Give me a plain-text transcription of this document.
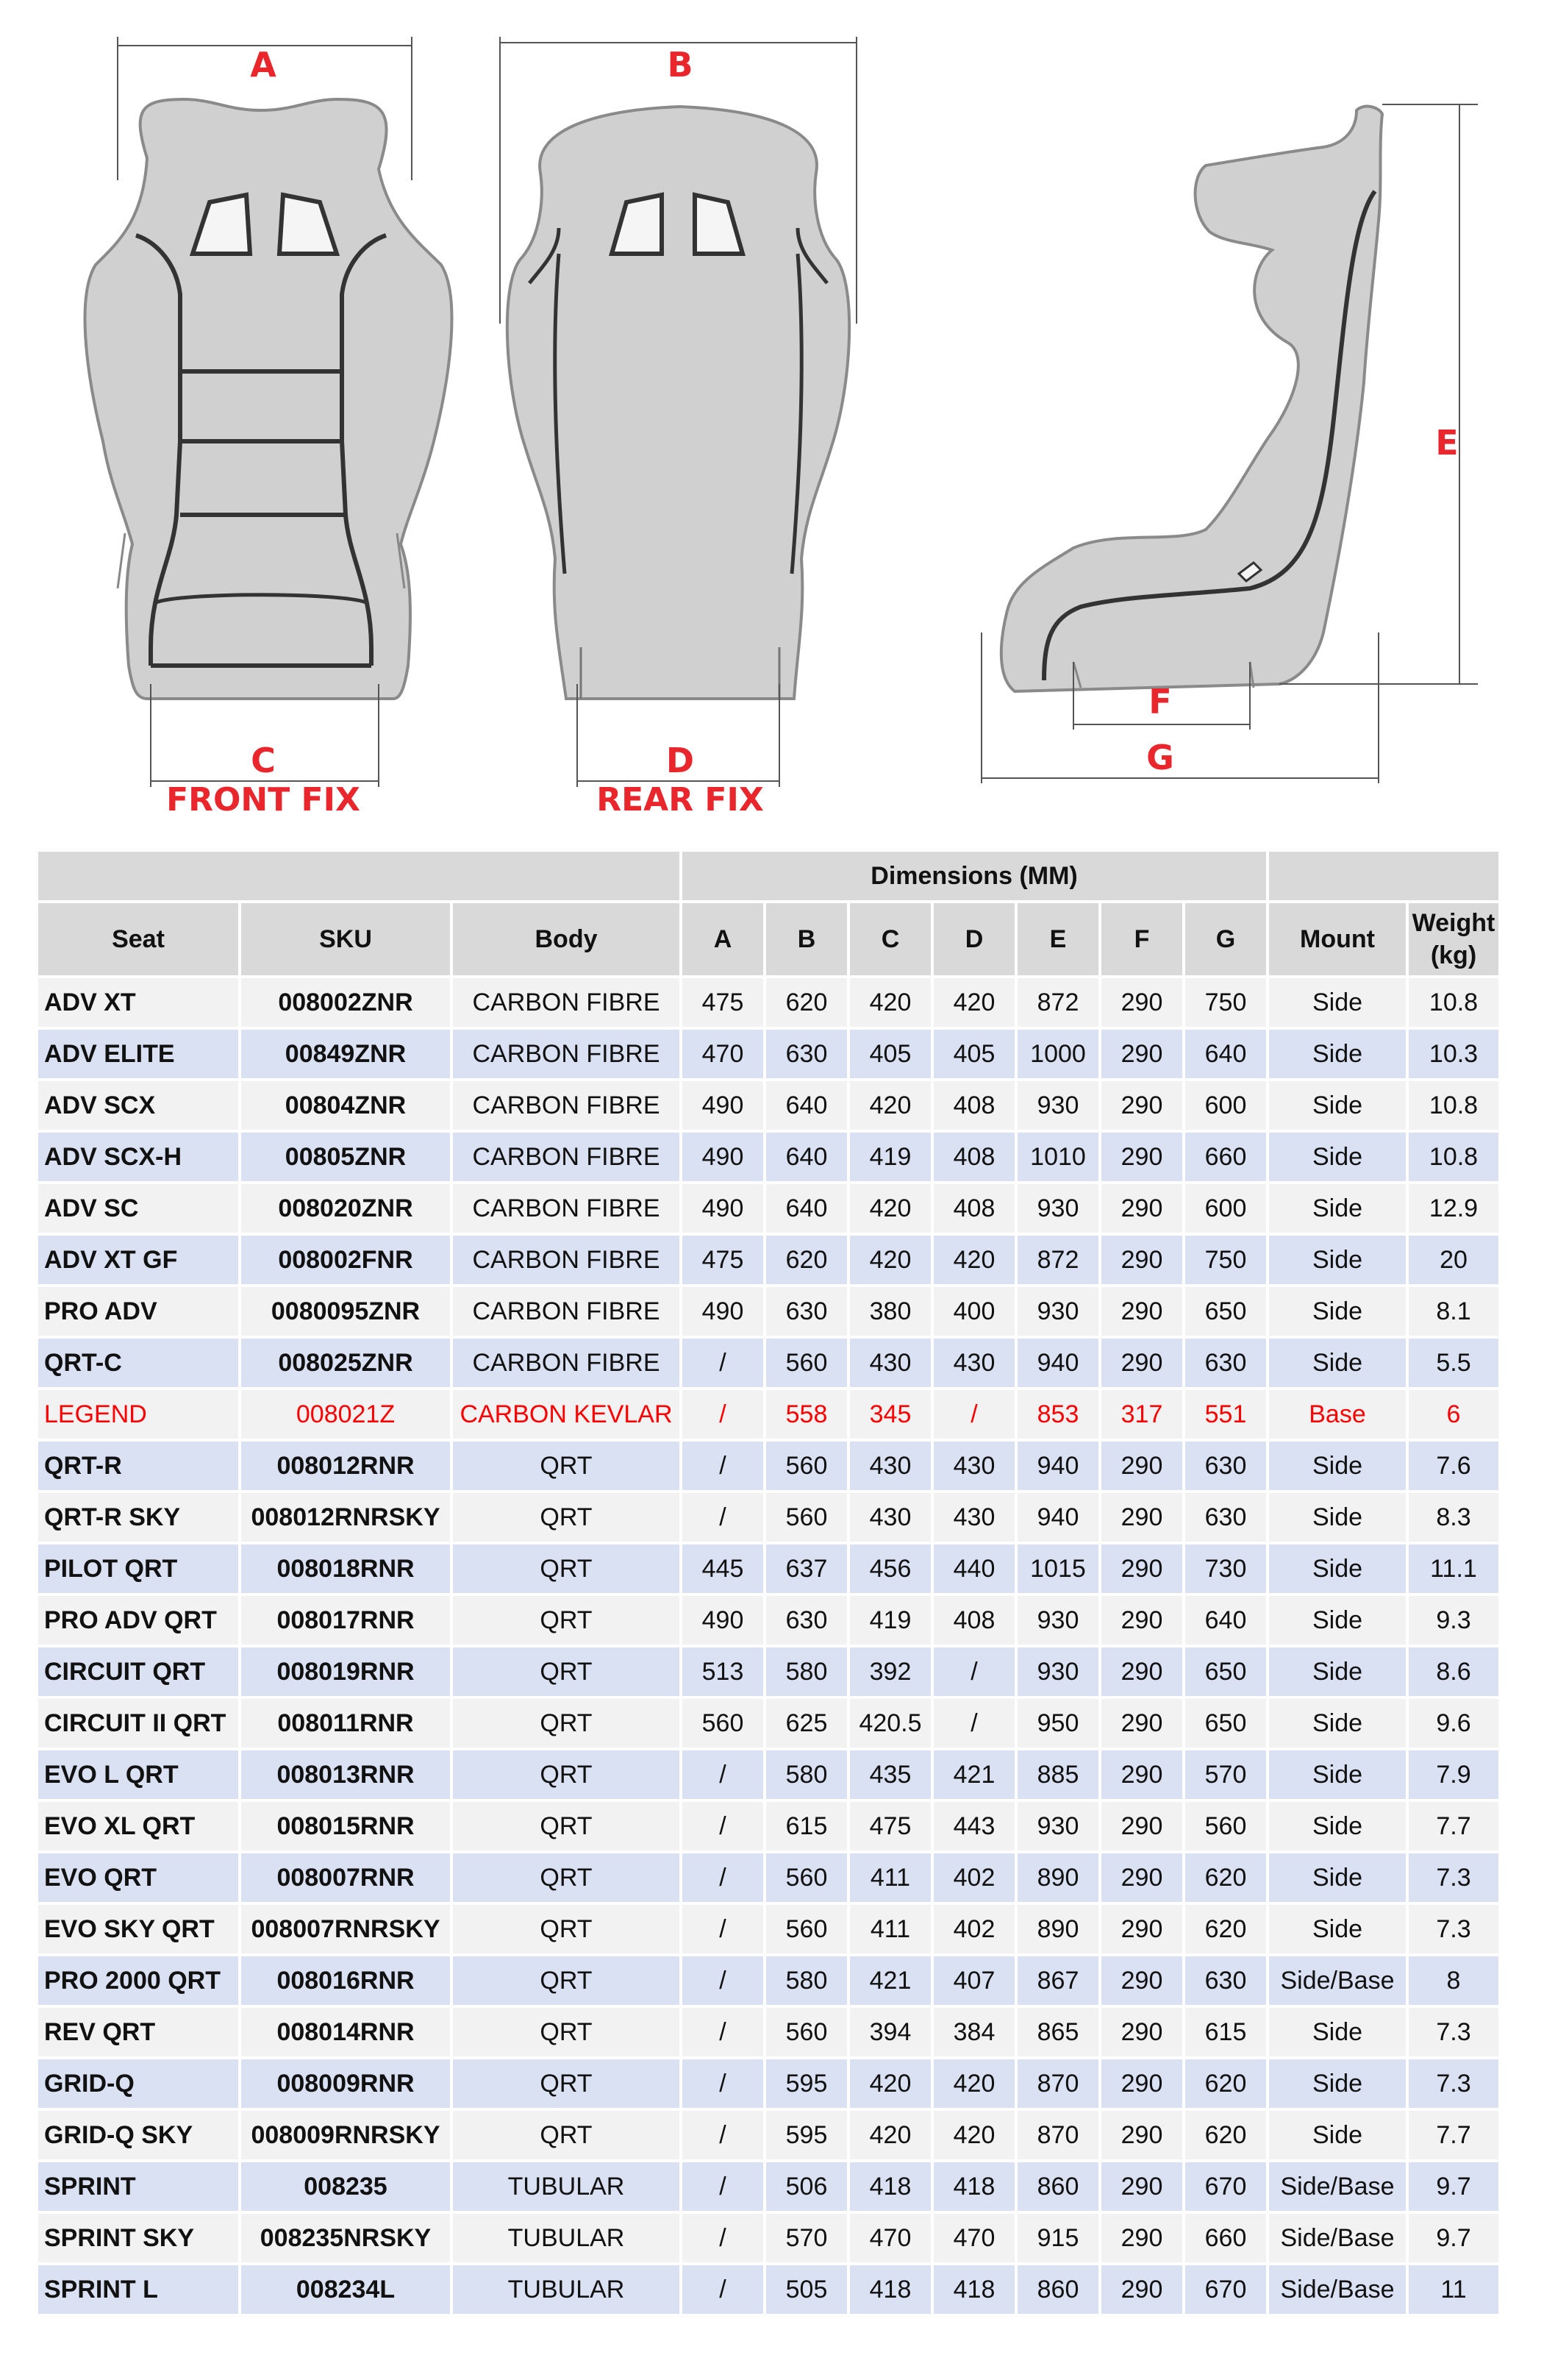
A
C
FRONT FIX
B
D
REAR FIX
E
F
G
			Dimensions (MM)								
Seat	SKU	Body	A	B	C	D	E	F	G	Mount	Weight (kg)
ADV XT	008002ZNR	CARBON FIBRE	475	620	420	420	872	290	750	Side	10.8
ADV ELITE	00849ZNR	CARBON FIBRE	470	630	405	405	1000	290	640	Side	10.3
ADV SCX	00804ZNR	CARBON FIBRE	490	640	420	408	930	290	600	Side	10.8
ADV SCX-H	00805ZNR	CARBON FIBRE	490	640	419	408	1010	290	660	Side	10.8
ADV SC	008020ZNR	CARBON FIBRE	490	640	420	408	930	290	600	Side	12.9
ADV XT GF	008002FNR	CARBON FIBRE	475	620	420	420	872	290	750	Side	20
PRO ADV	0080095ZNR	CARBON FIBRE	490	630	380	400	930	290	650	Side	8.1
QRT-C	008025ZNR	CARBON FIBRE	/	560	430	430	940	290	630	Side	5.5
LEGEND	008021Z	CARBON KEVLAR	/	558	345	/	853	317	551	Base	6
QRT-R	008012RNR	QRT	/	560	430	430	940	290	630	Side	7.6
QRT-R SKY	008012RNRSKY	QRT	/	560	430	430	940	290	630	Side	8.3
PILOT QRT	008018RNR	QRT	445	637	456	440	1015	290	730	Side	11.1
PRO ADV QRT	008017RNR	QRT	490	630	419	408	930	290	640	Side	9.3
CIRCUIT QRT	008019RNR	QRT	513	580	392	/	930	290	650	Side	8.6
CIRCUIT II QRT	008011RNR	QRT	560	625	420.5	/	950	290	650	Side	9.6
EVO L QRT	008013RNR	QRT	/	580	435	421	885	290	570	Side	7.9
EVO XL QRT	008015RNR	QRT	/	615	475	443	930	290	560	Side	7.7
EVO QRT	008007RNR	QRT	/	560	411	402	890	290	620	Side	7.3
EVO SKY QRT	008007RNRSKY	QRT	/	560	411	402	890	290	620	Side	7.3
PRO 2000 QRT	008016RNR	QRT	/	580	421	407	867	290	630	Side/Base	8
REV QRT	008014RNR	QRT	/	560	394	384	865	290	615	Side	7.3
GRID-Q	008009RNR	QRT	/	595	420	420	870	290	620	Side	7.3
GRID-Q SKY	008009RNRSKY	QRT	/	595	420	420	870	290	620	Side	7.7
SPRINT	008235	TUBULAR	/	506	418	418	860	290	670	Side/Base	9.7
SPRINT SKY	008235NRSKY	TUBULAR	/	570	470	470	915	290	660	Side/Base	9.7
SPRINT L	008234L	TUBULAR	/	505	418	418	860	290	670	Side/Base	11
